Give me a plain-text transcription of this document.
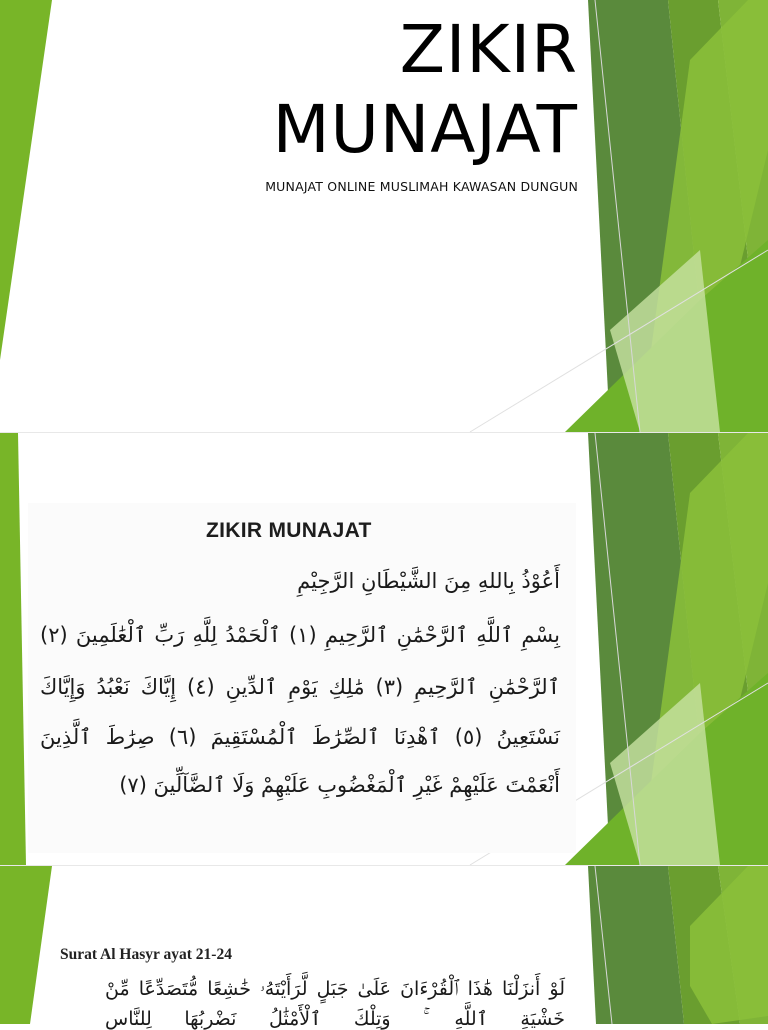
ZIKIR
MUNAJAT
MUNAJAT ONLINE MUSLIMAH KAWASAN DUNGUN
ZIKIR MUNAJAT
أَعُوْذُ بِاللهِ مِنَ الشَّيْطَانِ الرَّجِيْمِ
بِسْمِ ٱللَّهِ ٱلرَّحْمَٰنِ ٱلرَّحِيمِ (١) ٱلْحَمْدُ لِلَّهِ رَبِّ ٱلْعَٰلَمِينَ (٢)
ٱلرَّحْمَٰنِ ٱلرَّحِيمِ (٣) مَٰلِكِ يَوْمِ ٱلدِّينِ (٤) إِيَّاكَ نَعْبُدُ وَإِيَّاكَ
نَسْتَعِينُ (٥) ٱهْدِنَا ٱلصِّرَٰطَ ٱلْمُسْتَقِيمَ (٦) صِرَٰطَ ٱلَّذِينَ
أَنْعَمْتَ عَلَيْهِمْ غَيْرِ ٱلْمَغْضُوبِ عَلَيْهِمْ وَلَا ٱلضَّآلِّينَ (٧)
Surat Al Hasyr ayat 21-24
لَوْ أَنزَلْنَا هَٰذَا ٱلْقُرْءَانَ عَلَىٰ جَبَلٍ لَّرَأَيْتَهُۥ خَٰشِعًا مُّتَصَدِّعًا مِّنْ
خَشْيَةِ ٱللَّهِ ۚ وَتِلْكَ ٱلْأَمْثَٰلُ نَضْرِبُهَا لِلنَّاسِ
